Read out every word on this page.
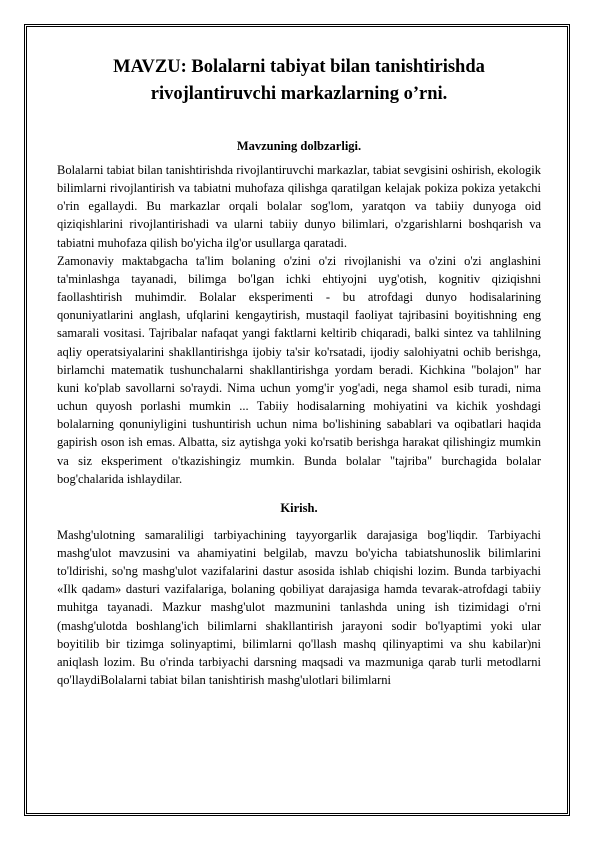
MAVZU: Bolalarni tabiyat bilan tanishtirishda rivojlantiruvchi markazlarning o’rni.
Mavzuning dolbzarligi.

Bolalarni tabiat bilan tanishtirishda rivojlantiruvchi markazlar, tabiat sevgisini oshirish, ekologik bilimlarni rivojlantirish va tabiatni muhofaza qilishga qaratilgan kelajak pokiza pokiza yetakchi o'rin egallaydi. Bu markazlar orqali bolalar sog'lom, yaratqon va tabiiy dunyoga oid qiziqishlarini rivojlantirishadi va ularni tabiiy dunyo bilimlari, o'zgarishlarni boshqarish va tabiatni muhofaza qilish bo'yicha ilg'or usullarga qaratadi.

Zamonaviy maktabgacha ta'lim bolaning o'zini o'zi rivojlanishi va o'zini o'zi anglashini ta'minlashga tayanadi, bilimga bo'lgan ichki ehtiyojni uyg'otish, kognitiv qiziqishni faollashtirish muhimdir. Bolalar eksperimenti - bu atrofdagi dunyo hodisalarining qonuniyatlarini anglash, ufqlarini kengaytirish, mustaqil faoliyat tajribasini boyitishning eng samarali vositasi. Tajribalar nafaqat yangi faktlarni keltirib chiqaradi, balki sintez va tahlilning aqliy operatsiyalarini shakllantirishga ijobiy ta'sir ko'rsatadi, ijodiy salohiyatni ochib berishga, birlamchi matematik tushunchalarni shakllantirishga yordam beradi. Kichkina "bolajon" har kuni ko'plab savollarni so'raydi. Nima uchun yomg'ir yog'adi, nega shamol esib turadi, nima uchun quyosh porlashi mumkin ... Tabiiy hodisalarning mohiyatini va kichik yoshdagi bolalarning qonuniyligini tushuntirish uchun nima bo'lishining sabablari va oqibatlari haqida gapirish oson ish emas. Albatta, siz aytishga yoki ko'rsatib berishga harakat qilishingiz mumkin va siz eksperiment o'tkazishingiz mumkin. Bunda bolalar "tajriba" burchagida bolalar bog'chalarida ishlaydilar.

Kirish.

Mashg'ulotning samaraliligi tarbiyachining tayyorgarlik darajasiga bog'liqdir. Tarbiyachi mashg'ulot mavzusini va ahamiyatini belgilab, mavzu bo'yicha tabiatshunoslik bilimlarini to'ldirishi, so'ng mashg'ulot vazifalarini dastur asosida ishlab chiqishi lozim. Bunda tarbiyachi «Ilk qadam» dasturi vazifalariga, bolaning qobiliyat darajasiga hamda tevarak-atrofdagi tabiiy muhitga tayanadi. Mazkur mashg'ulot mazmunini tanlashda uning ish tizimidagi o'rni (mashg'ulotda boshlang'ich bilimlarni shakllantirish jarayoni sodir bo'lyaptimi yoki ular boyitilib bir tizimga solinyaptimi, bilimlarni qo'llash mashq qilinyaptimi va shu kabilar)ni aniqlash lozim. Bu o'rinda tarbiyachi darsning maqsadi va mazmuniga qarab turli metodlarni qo'llaydiBolalarni tabiat bilan tanishtirish mashg'ulotlari bilimlarni
